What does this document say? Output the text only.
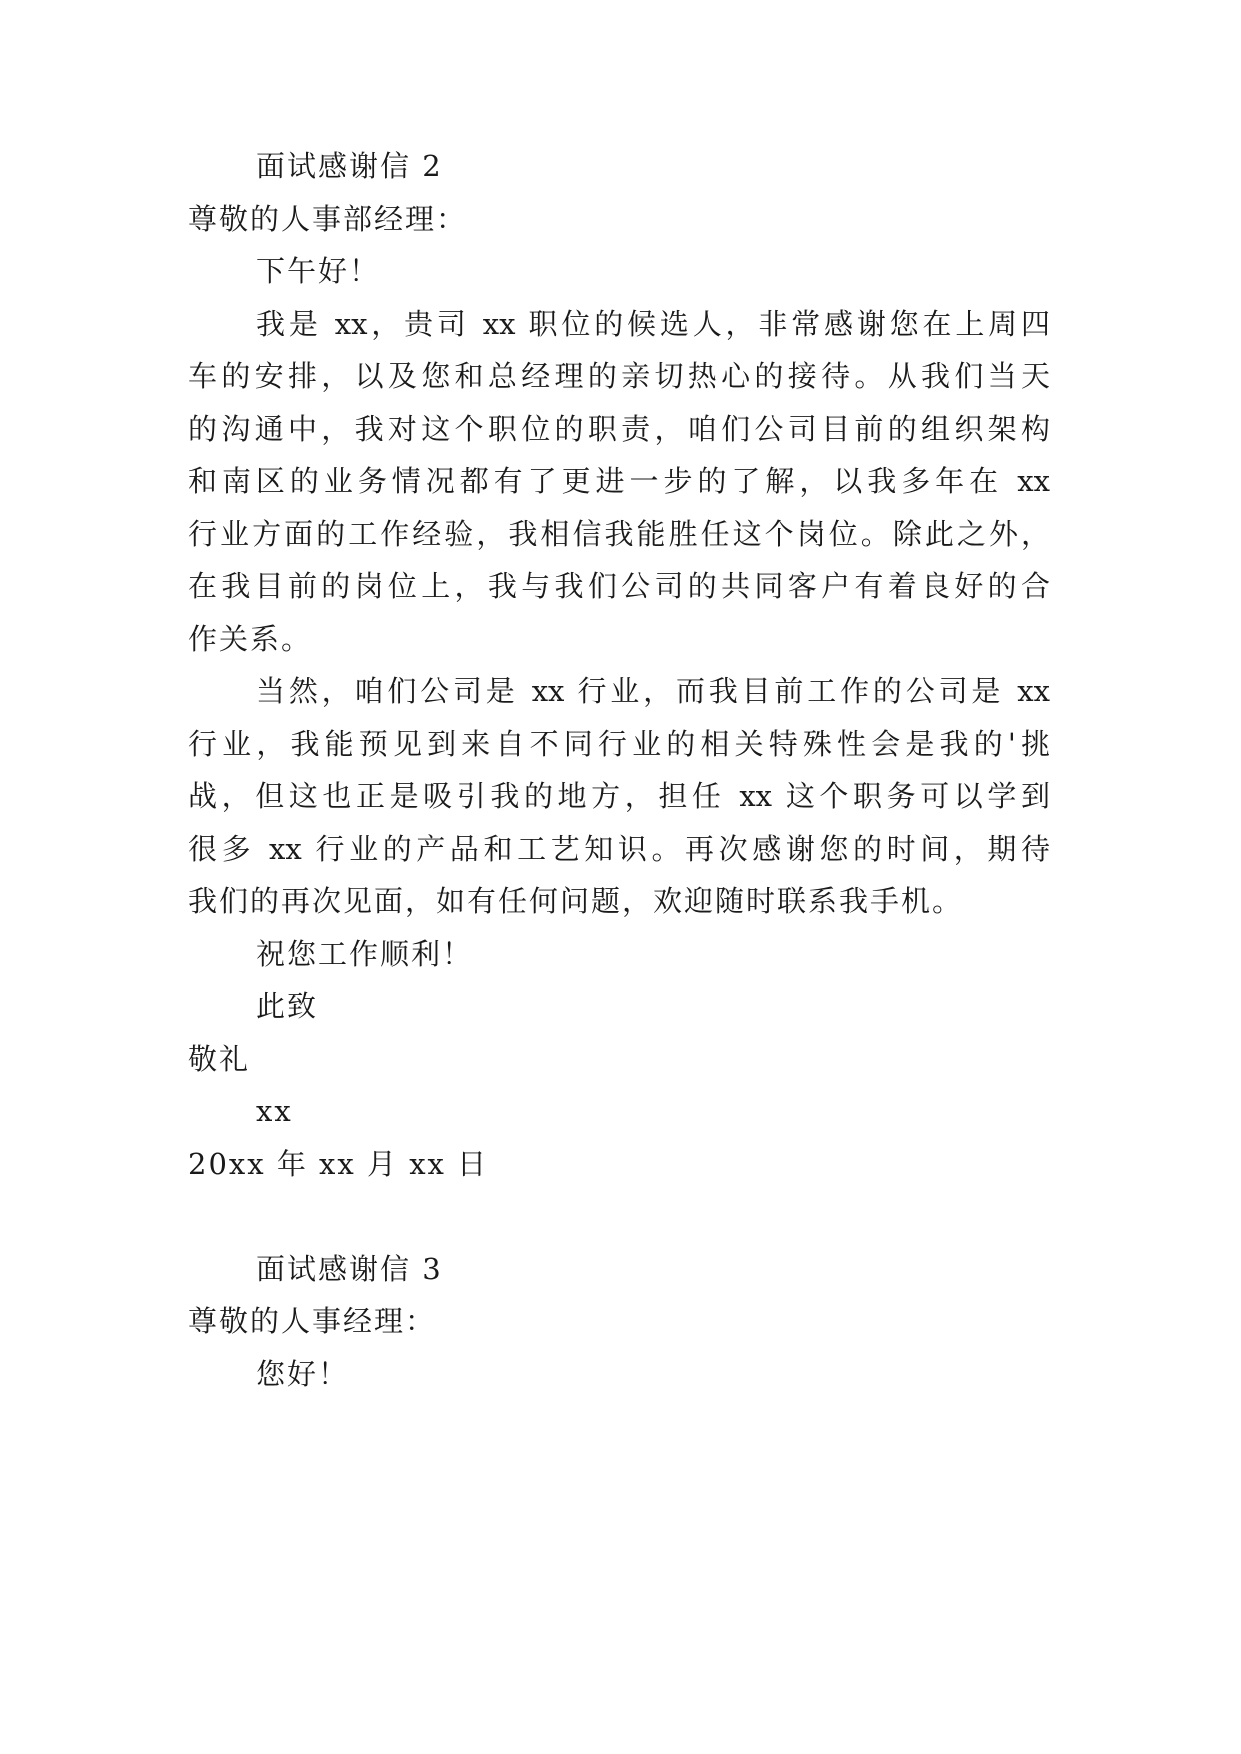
面试感谢信 2
尊敬的人事部经理：
下午好！
我是 xx，贵司 xx 职位的候选人，非常感谢您在上周四
车的安排，以及您和总经理的亲切热心的接待。从我们当天
的沟通中，我对这个职位的职责，咱们公司目前的组织架构
和南区的业务情况都有了更进一步的了解，以我多年在 xx
行业方面的工作经验，我相信我能胜任这个岗位。除此之外，
在我目前的岗位上，我与我们公司的共同客户有着良好的合
作关系。
当然，咱们公司是 xx 行业，而我目前工作的公司是 xx
行业，我能预见到来自不同行业的相关特殊性会是我的'挑
战，但这也正是吸引我的地方，担任 xx 这个职务可以学到
很多 xx 行业的产品和工艺知识。再次感谢您的时间，期待
我们的再次见面，如有任何问题，欢迎随时联系我手机。
祝您工作顺利！
此致
敬礼
xx
20xx 年 xx 月 xx 日
面试感谢信 3
尊敬的人事经理：
您好！
